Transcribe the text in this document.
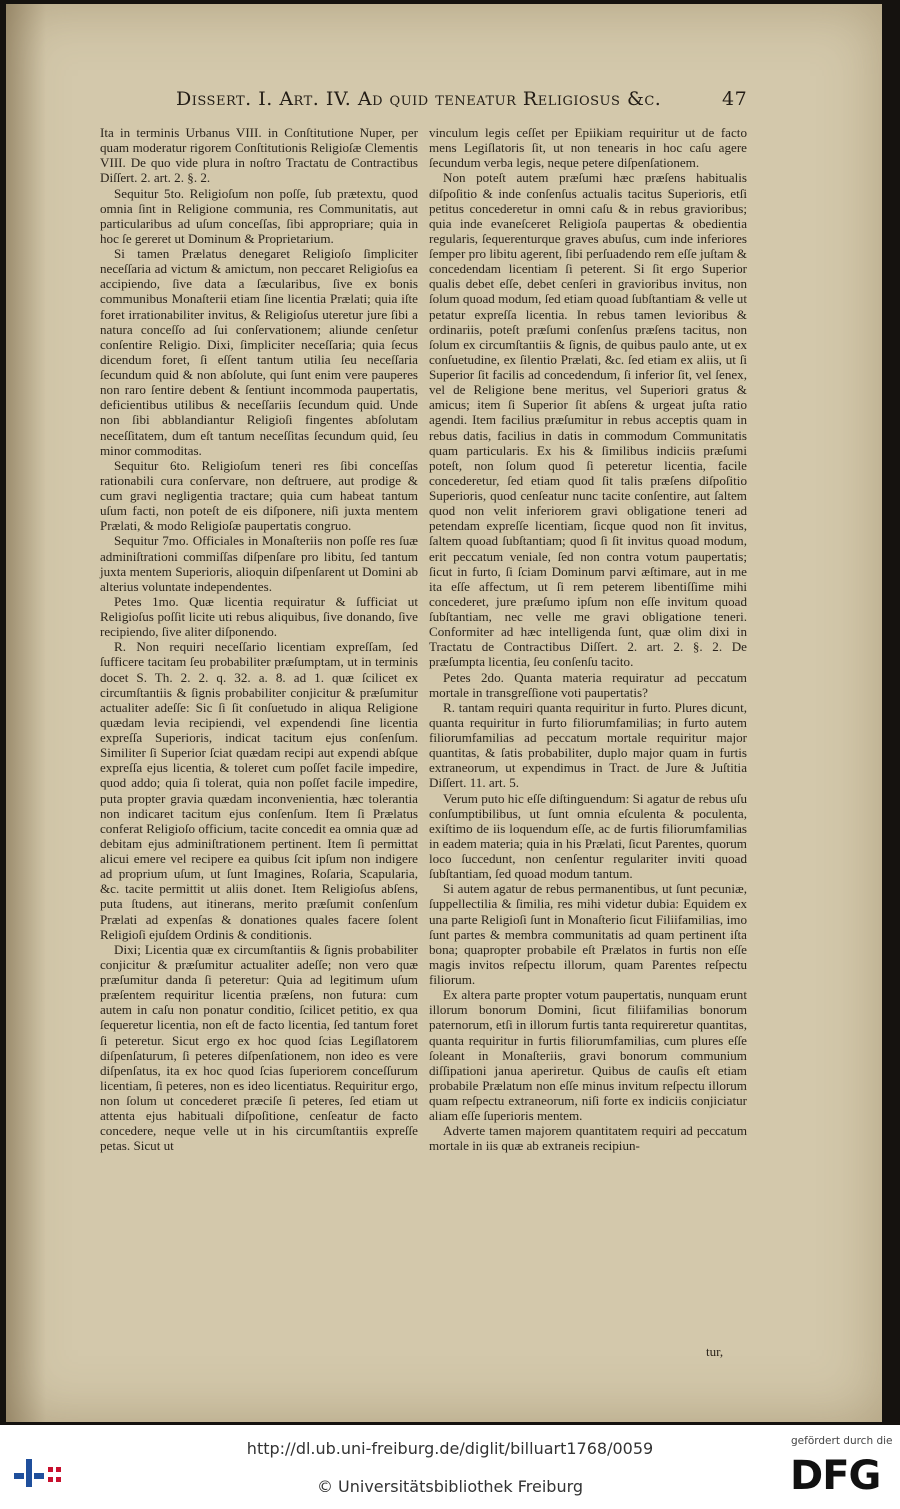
Dissert. I. Art. IV. Ad quid teneatur Religiosus &c.	47

Ita in terminis Urbanus VIII. in Conſtitutione Nuper, per quam moderatur rigorem Conſtitutionis Religioſæ Clementis VIII. De quo vide plura in noſtro Tractatu de Contractibus Diſſert. 2. art. 2. §. 2.

Sequitur 5to. Religioſum non poſſe, ſub prætextu, quod omnia ſint in Religione communia, res Communitatis, aut particularibus ad uſum conceſſas, ſibi appropriare; quia in hoc ſe gereret ut Dominum & Proprietarium.

Si tamen Prælatus denegaret Religioſo ſimpliciter neceſſaria ad victum & amictum, non peccaret Religioſus ea accipiendo, ſive data a ſæcularibus, ſive ex bonis communibus Monaſterii etiam ſine licentia Prælati; quia iſte foret irrationabiliter invitus, & Religioſus uteretur jure ſibi a natura conceſſo ad ſui conſervationem; aliunde cenſetur conſentire Religio. Dixi, ſimpliciter neceſſaria; quia ſecus dicendum foret, ſi eſſent tantum utilia ſeu neceſſaria ſecundum quid & non abſolute, qui ſunt enim vere pauperes non raro ſentire debent & ſentiunt incommoda paupertatis, deficientibus utilibus & neceſſariis ſecundum quid. Unde non ſibi abblandiantur Religioſi fingentes abſolutam neceſſitatem, dum eſt tantum neceſſitas ſecundum quid, ſeu minor commoditas.

Sequitur 6to. Religioſum teneri res ſibi conceſſas rationabili cura conſervare, non deſtruere, aut prodige & cum gravi negligentia tractare; quia cum habeat tantum uſum facti, non poteſt de eis diſponere, niſi juxta mentem Prælati, & modo Religioſæ paupertatis congruo.

Sequitur 7mo. Officiales in Monaſteriis non poſſe res ſuæ adminiſtrationi commiſſas diſpenſare pro libitu, ſed tantum juxta mentem Superioris, alioquin diſpenſarent ut Domini ab alterius voluntate independentes.

Petes 1mo. Quæ licentia requiratur & ſufficiat ut Religioſus poſſit licite uti rebus aliquibus, ſive donando, ſive recipiendo, ſive aliter diſponendo.

R. Non requiri neceſſario licentiam expreſſam, ſed ſufficere tacitam ſeu probabiliter præſumptam, ut in terminis docet S. Th. 2. 2. q. 32. a. 8. ad 1. quæ ſcilicet ex circumſtantiis & ſignis probabiliter conjicitur & præſumitur actualiter adeſſe: Sic ſi ſit conſuetudo in aliqua Religione quædam levia recipiendi, vel expendendi ſine licentia expreſſa Superioris, indicat tacitum ejus conſenſum. Similiter ſi Superior ſciat quædam recipi aut expendi abſque expreſſa ejus licentia, & toleret cum poſſet facile impedire, quod addo; quia ſi tolerat, quia non poſſet facile impedire, puta propter gravia quædam inconvenientia, hæc tolerantia non indicaret tacitum ejus conſenſum. Item ſi Prælatus conferat Religioſo officium, tacite concedit ea omnia quæ ad debitam ejus adminiſtrationem pertinent. Item ſi permittat alicui emere vel recipere ea quibus ſcit ipſum non indigere ad proprium uſum, ut ſunt Imagines, Roſaria, Scapularia, &c. tacite permittit ut aliis donet. Item Religioſus abſens, puta ſtudens, aut itinerans, merito præſumit conſenſum Prælati ad expenſas & donationes quales facere ſolent Religioſi ejuſdem Ordinis & conditionis.

Dixi; Licentia quæ ex circumſtantiis & ſignis probabiliter conjicitur & præſumitur actualiter adeſſe; non vero quæ præſumitur danda ſi peteretur: Quia ad legitimum uſum præſentem requiritur licentia præſens, non futura: cum autem in caſu non ponatur conditio, ſcilicet petitio, ex qua ſequeretur licentia, non eſt de facto licentia, ſed tantum foret ſi peteretur. Sicut ergo ex hoc quod ſcias Legiſlatorem diſpenſaturum, ſi peteres diſpenſationem, non ideo es vere diſpenſatus, ita ex hoc quod ſcias ſuperiorem conceſſurum licentiam, ſi peteres, non es ideo licentiatus. Requiritur ergo, non ſolum ut concederet præciſe ſi peteres, ſed etiam ut attenta ejus habituali diſpoſitione, cenſeatur de facto concedere, neque velle ut in his circumſtantiis expreſſe petas. Sicut ut

vinculum legis ceſſet per Epiikiam requiritur ut de facto mens Legiſlatoris ſit, ut non tenearis in hoc caſu agere ſecundum verba legis, neque petere diſpenſationem.

Non poteſt autem præſumi hæc præſens habitualis diſpoſitio & inde conſenſus actualis tacitus Superioris, etſi petitus concederetur in omni caſu & in rebus gravioribus; quia inde evaneſceret Religioſa paupertas & obedientia regularis, ſequerenturque graves abuſus, cum inde inferiores ſemper pro libitu agerent, ſibi perſuadendo rem eſſe juſtam & concedendam licentiam ſi peterent. Si ſit ergo Superior qualis debet eſſe, debet cenſeri in gravioribus invitus, non ſolum quoad modum, ſed etiam quoad ſubſtantiam & velle ut petatur expreſſa licentia. In rebus tamen levioribus & ordinariis, poteſt præſumi conſenſus præſens tacitus, non ſolum ex circumſtantiis & ſignis, de quibus paulo ante, ut ex conſuetudine, ex ſilentio Prælati, &c. ſed etiam ex aliis, ut ſi Superior ſit facilis ad concedendum, ſi inferior ſit, vel ſenex, vel de Religione bene meritus, vel Superiori gratus & amicus; item ſi Superior ſit abſens & urgeat juſta ratio agendi. Item facilius præſumitur in rebus acceptis quam in rebus datis, facilius in datis in commodum Communitatis quam particularis. Ex his & ſimilibus indiciis præſumi poteſt, non ſolum quod ſi peteretur licentia, facile concederetur, ſed etiam quod ſit talis præſens diſpoſitio Superioris, quod cenſeatur nunc tacite conſentire, aut ſaltem quod non velit inferiorem gravi obligatione teneri ad petendam expreſſe licentiam, ſicque quod non ſit invitus, ſaltem quoad ſubſtantiam; quod ſi ſit invitus quoad modum, erit peccatum veniale, ſed non contra votum paupertatis; ſicut in furto, ſi ſciam Dominum parvi æſtimare, aut in me ita eſſe affectum, ut ſi rem peterem libentiſſime mihi concederet, jure præſumo ipſum non eſſe invitum quoad ſubſtantiam, nec velle me gravi obligatione teneri. Conformiter ad hæc intelligenda ſunt, quæ olim dixi in Tractatu de Contractibus Diſſert. 2. art. 2. §. 2. De præſumpta licentia, ſeu conſenſu tacito.

Petes 2do. Quanta materia requiratur ad peccatum mortale in transgreſſione voti paupertatis?

R. tantam requiri quanta requiritur in furto. Plures dicunt, quanta requiritur in furto filiorumfamilias; in furto autem filiorumfamilias ad peccatum mortale requiritur major quantitas, & ſatis probabiliter, duplo major quam in furtis extraneorum, ut expendimus in Tract. de Jure & Juſtitia Diſſert. 11. art. 5.

Verum puto hic eſſe diſtinguendum: Si agatur de rebus uſu conſumptibilibus, ut ſunt omnia eſculenta & poculenta, exiſtimo de iis loquendum eſſe, ac de furtis filiorumfamilias in eadem materia; quia in his Prælati, ſicut Parentes, quorum loco ſuccedunt, non cenſentur regulariter inviti quoad ſubſtantiam, ſed quoad modum tantum.

Si autem agatur de rebus permanentibus, ut ſunt pecuniæ, ſuppellectilia & ſimilia, res mihi videtur dubia: Equidem ex una parte Religioſi ſunt in Monaſterio ſicut Filiifamilias, imo ſunt partes & membra communitatis ad quam pertinent iſta bona; quapropter probabile eſt Prælatos in furtis non eſſe magis invitos reſpectu illorum, quam Parentes reſpectu filiorum.

Ex altera parte propter votum paupertatis, nunquam erunt illorum bonorum Domini, ſicut filiifamilias bonorum paternorum, etſi in illorum furtis tanta requireretur quantitas, quanta requiritur in furtis filiorumfamilias, cum plures eſſe ſoleant in Monaſteriis, gravi bonorum communium diſſipationi janua aperiretur. Quibus de cauſis eſt etiam probabile Prælatum non eſſe minus invitum reſpectu illorum quam reſpectu extraneorum, niſi forte ex indiciis conjiciatur aliam eſſe ſuperioris mentem.

Adverte tamen majorem quantitatem requiri ad peccatum mortale in iis quæ ab extraneis recipiun-

tur,
http://dl.ub.uni-freiburg.de/diglit/billuart1768/0059
© Universitätsbibliothek Freiburg
gefördert durch die
DFG
